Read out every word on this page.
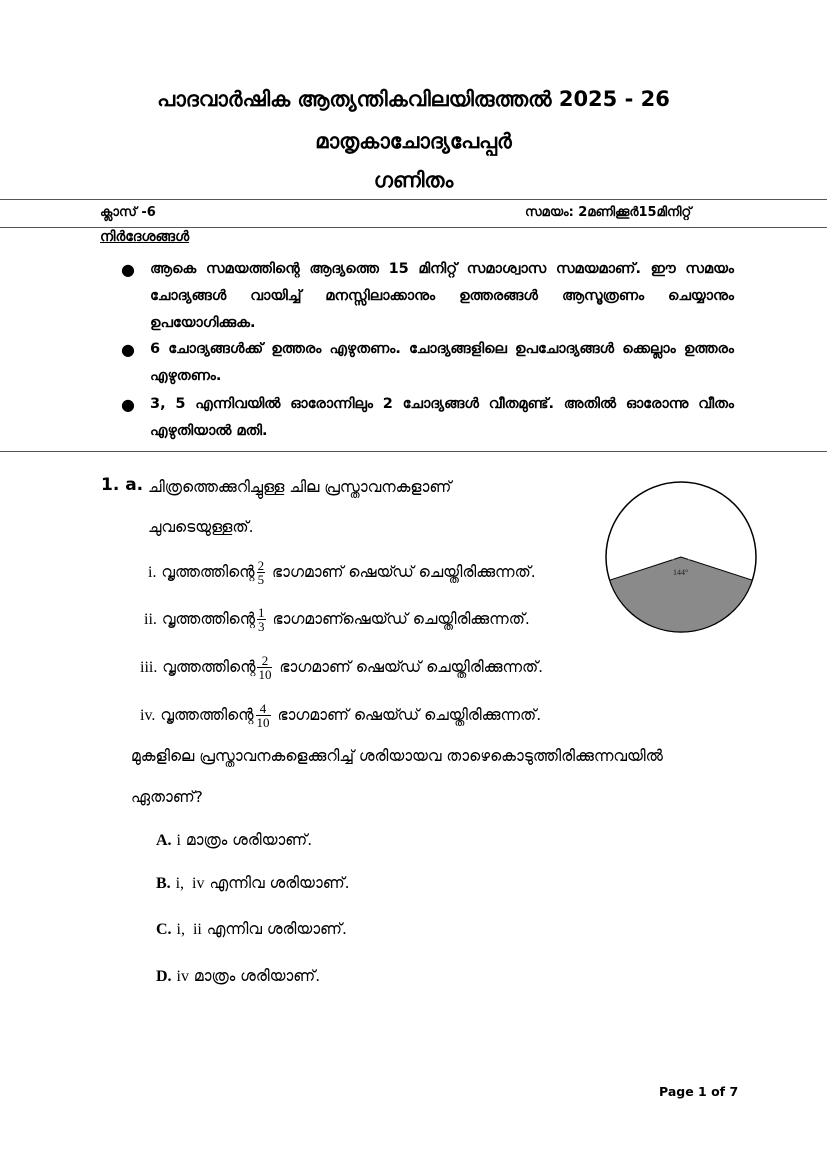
പാദവാർഷിക ആത്യന്തികവിലയിരുത്തൽ 2025 - 26
മാതൃകാചോദ്യപേപ്പർ
ഗണിതം
ക്ലാസ് -6	സമയം: 2മണിക്കൂർ15മിനിറ്റ്
നിർദേശങ്ങൾ
● ആകെ സമയത്തിന്റെ ആദ്യത്തെ 15 മിനിറ്റ് സമാശ്വാസ സമയമാണ്. ഈ സമയം ചോദ്യങ്ങൾ വായിച്ച് മനസ്സിലാക്കാനും ഉത്തരങ്ങൾ ആസൂത്രണം ചെയ്യാനും ഉപയോഗിക്കുക.
● 6 ചോദ്യങ്ങൾക്ക് ഉത്തരം എഴുതണം. ചോദ്യങ്ങളിലെ ഉപചോദ്യങ്ങൾ ക്കെല്ലാം ഉത്തരം എഴുതണം.
● 3, 5 എന്നിവയിൽ ഓരോന്നിലും 2 ചോദ്യങ്ങൾ വീതമുണ്ട്. അതിൽ ഓരോന്നു വീതം എഴുതിയാൽ മതി.
1. a. ചിത്രത്തെക്കുറിച്ചുള്ള ചില പ്രസ്താവനകളാണ്
ചുവടെയുള്ളത്.
i. വൃത്തത്തിന്റെ $\frac{2}{5}$ ഭാഗമാണ് ഷെയ്ഡ് ചെയ്തിരിക്കുന്നത്.
ii. വൃത്തത്തിന്റെ $\frac{1}{3}$ ഭാഗമാണ്ഷെയ്ഡ് ചെയ്തിരിക്കുന്നത്.
iii. വൃത്തത്തിന്റെ $\frac{2}{10}$ ഭാഗമാണ് ഷെയ്ഡ് ചെയ്തിരിക്കുന്നത്.
iv. വൃത്തത്തിന്റെ $\frac{4}{10}$ ഭാഗമാണ് ഷെയ്ഡ് ചെയ്തിരിക്കുന്നത്.
മുകളിലെ പ്രസ്താവനകളെക്കുറിച്ച് ശരിയായവ താഴെകൊടുത്തിരിക്കുന്നവയിൽ
ഏതാണ്?
A. i മാത്രം ശരിയാണ്.
B. i,  iv എന്നിവ ശരിയാണ്.
C. i,  ii എന്നിവ ശരിയാണ്.
D. iv മാത്രം ശരിയാണ്.
144°
Page 1 of 7
